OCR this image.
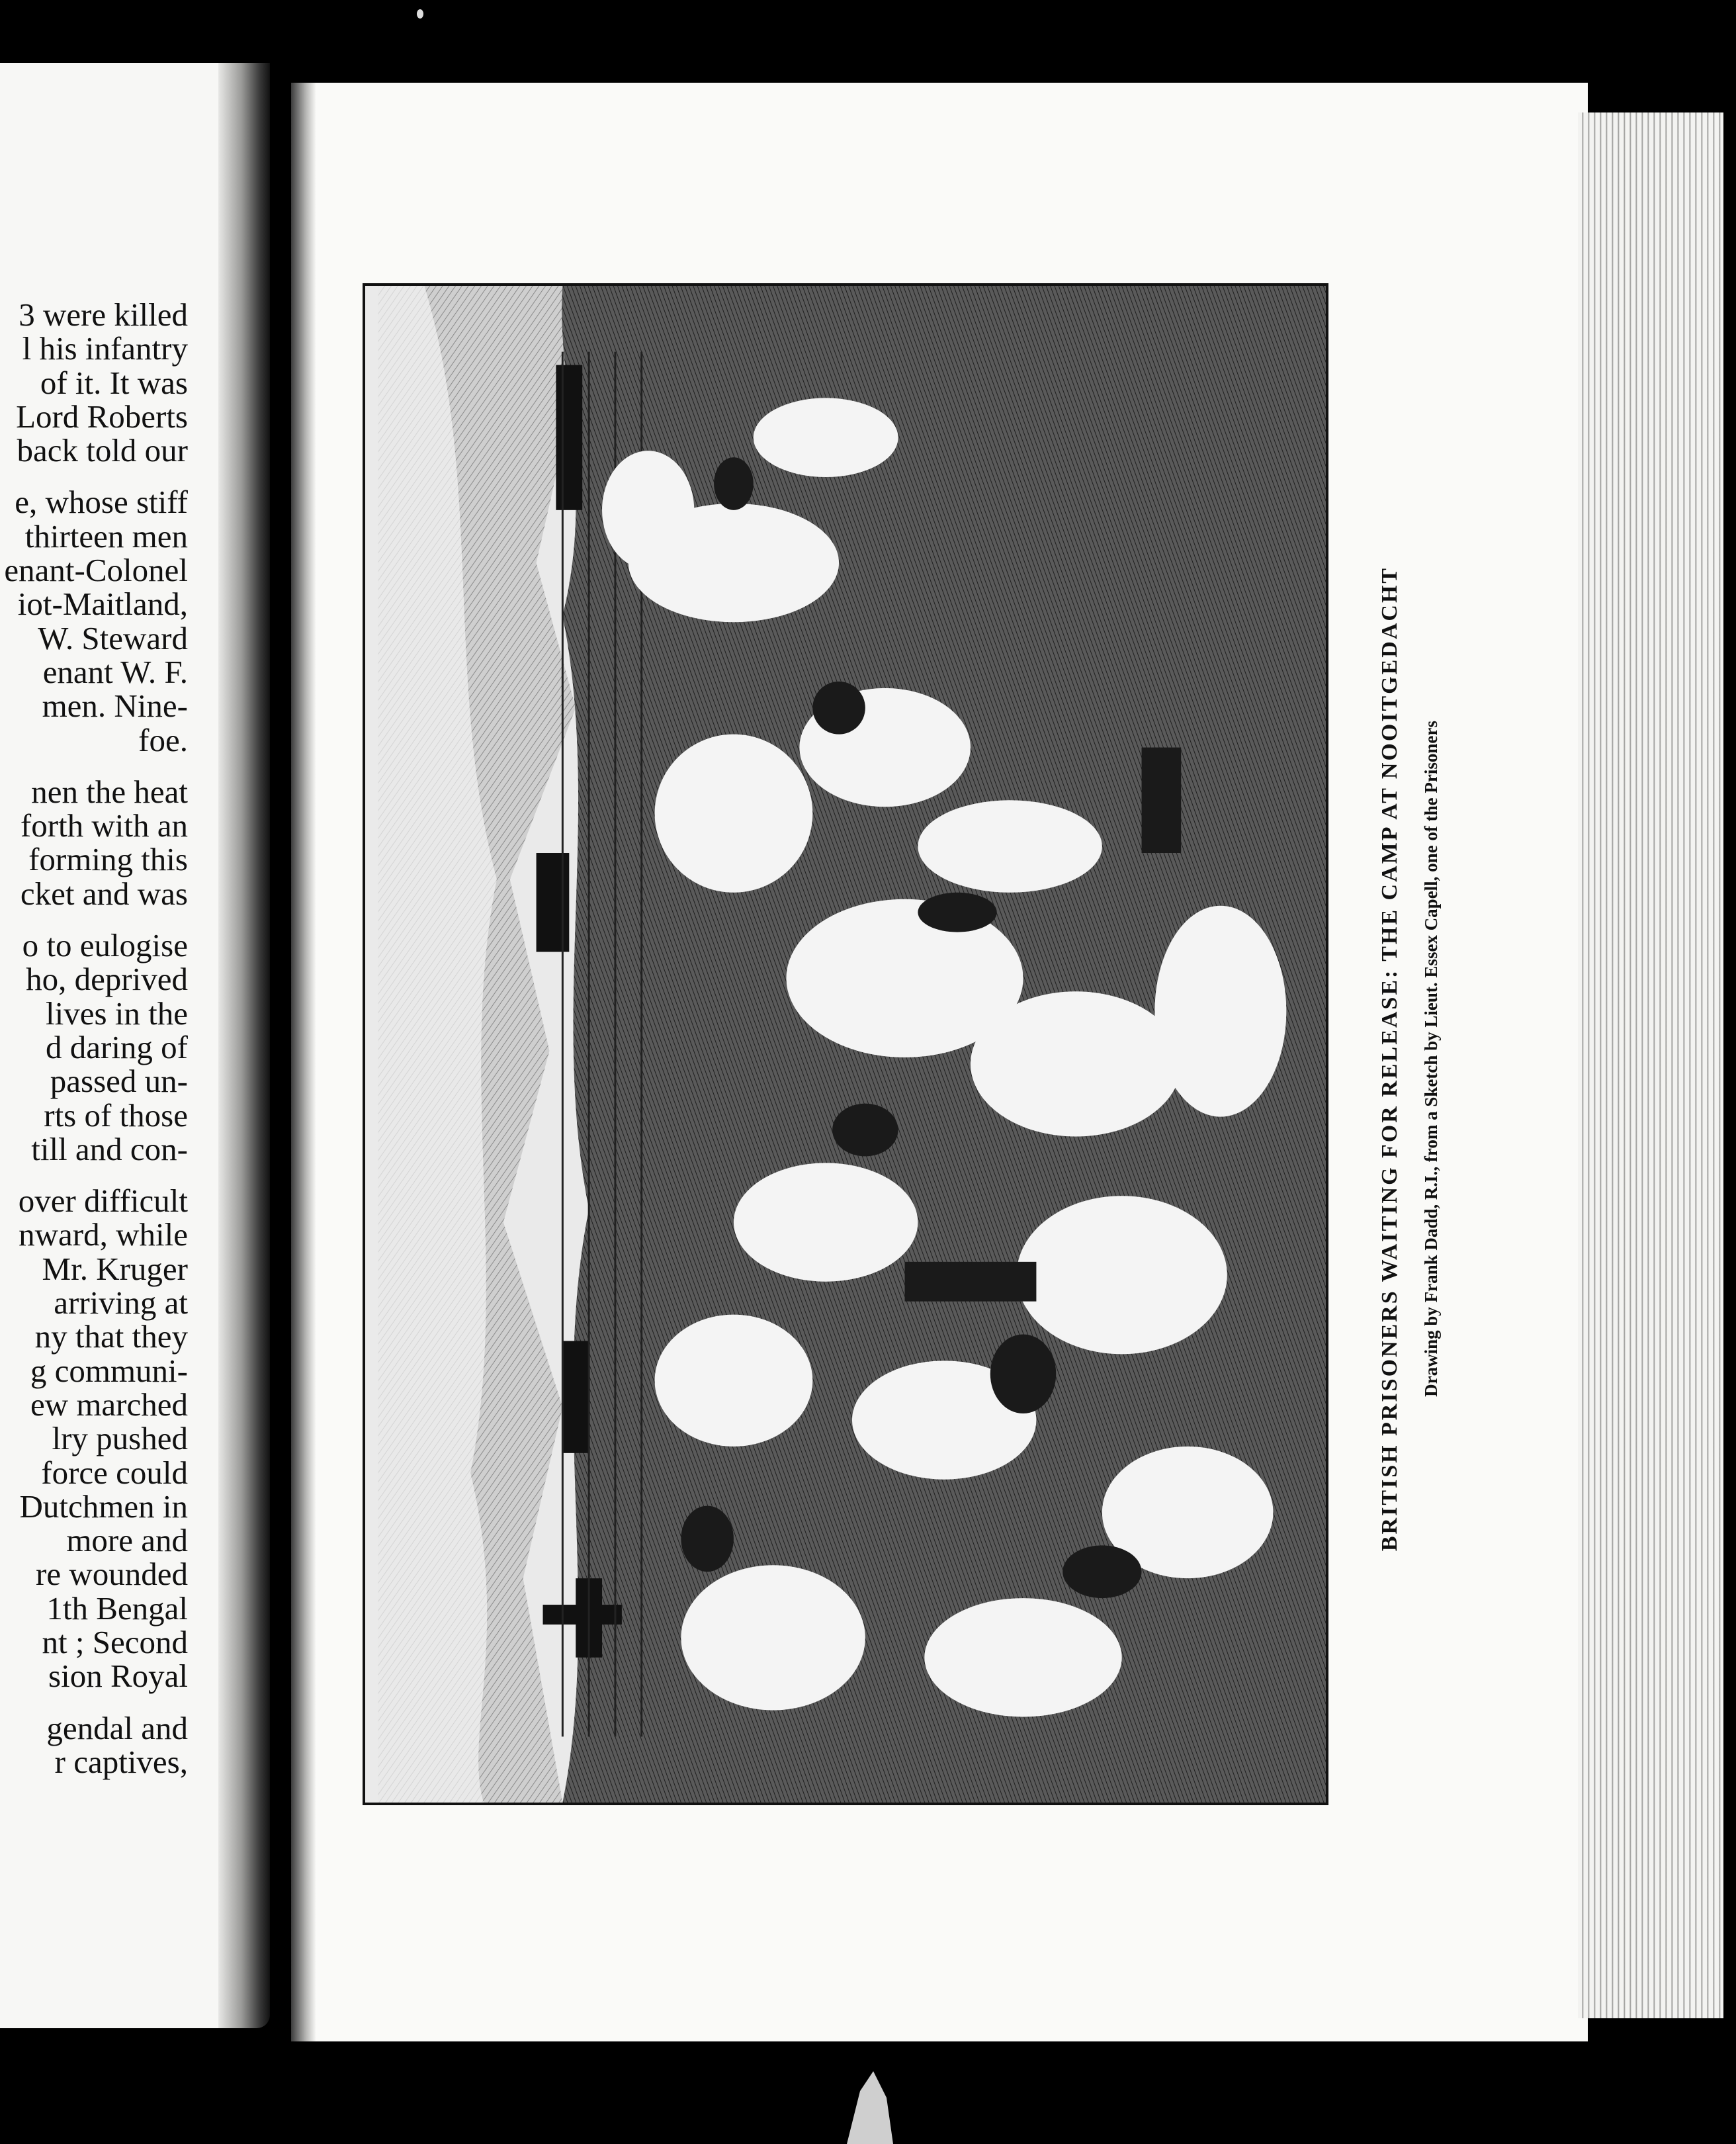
3 were killed
l his infantry
of it. It was
Lord Roberts
back told our
e, whose stiff
thirteen men
enant-Colonel
iot-Maitland,
W. Steward
enant W. F.
men. Nine-
foe.
nen the heat
forth with an
forming this
cket and was
o to eulogise
ho, deprived
lives in the
d daring of
passed un-
rts of those
till and con-
over difficult
nward, while
Mr. Kruger
arriving at
ny that they
g communi-
ew marched
lry pushed
force could
Dutchmen in
more and
re wounded
1th Bengal
nt ; Second
sion Royal
gendal and
r captives,
BRITISH PRISONERS WAITING FOR RELEASE: THE CAMP AT NOOITGEDACHT Drawing by Frank Dadd, R.I., from a Sketch by Lieut. Essex Capell, one of the Prisoners
